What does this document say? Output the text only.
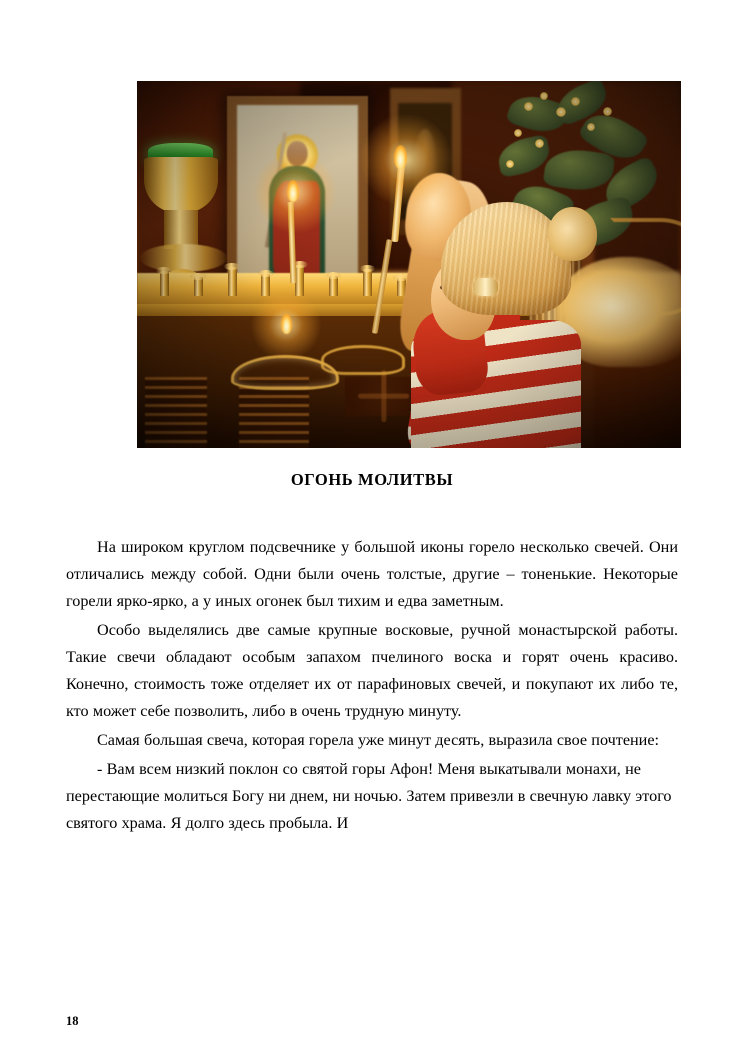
ОГОНЬ МОЛИТВЫ

На широком круглом подсвечнике у большой иконы горело несколько свечей. Они отличались между собой. Одни были очень толстые, другие – тоненькие. Некоторые горели ярко-ярко, а у иных огонек был тихим и едва заметным.

Особо выделялись две самые крупные восковые, ручной монастырской работы. Такие свечи обладают особым запахом пчелиного воска и горят очень красиво. Конечно, стоимость тоже отделяет их от парафиновых свечей, и покупают их либо те, кто может себе позволить, либо в очень трудную минуту.

Самая большая свеча, которая горела уже минут десять, выразила свое почтение:

- Вам всем низкий поклон со святой горы Афон! Меня выкатывали монахи, не перестающие молиться Богу ни днем, ни ночью. Затем привезли в свечную лавку этого святого храма. Я долго здесь пробыла. И

18
